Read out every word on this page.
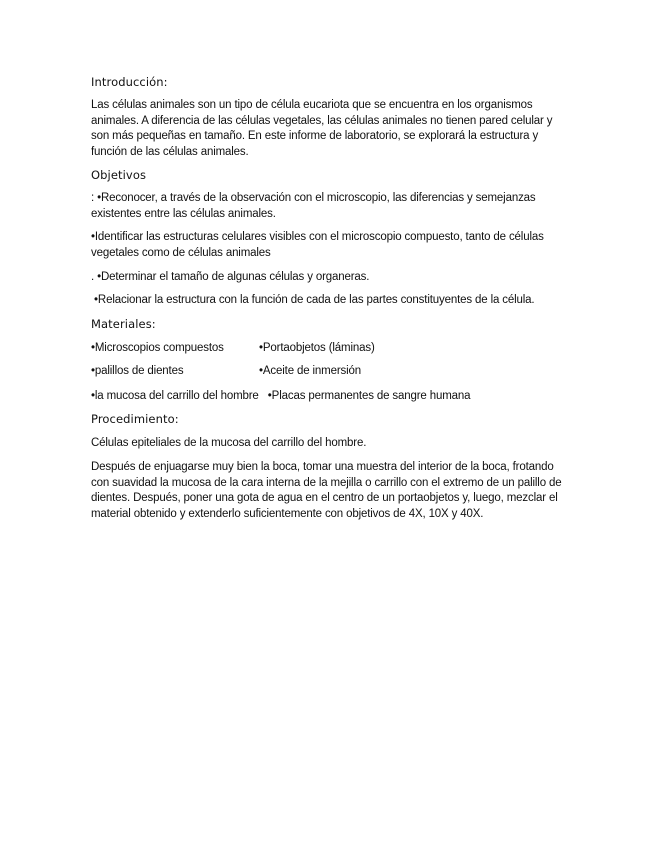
Introducción:

Las células animales son un tipo de célula eucariota que se encuentra en los organismos animales. A diferencia de las células vegetales, las células animales no tienen pared celular y son más pequeñas en tamaño. En este informe de laboratorio, se explorará la estructura y función de las células animales.

Objetivos

: •Reconocer, a través de la observación con el microscopio, las diferencias y semejanzas existentes entre las células animales.

•Identificar las estructuras celulares visibles con el microscopio compuesto, tanto de células vegetales como de células animales

. •Determinar el tamaño de algunas células y organeras.

•Relacionar la estructura con la función de cada de las partes constituyentes de la célula.

Materiales:
•Microscopios compuestos	•Portaobjetos (láminas)
•palillos de dientes	•Aceite de inmersión

•la mucosa del carrillo del hombre   •Placas permanentes de sangre humana

Procedimiento:

Células epiteliales de la mucosa del carrillo del hombre.

Después de enjuagarse muy bien la boca, tomar una muestra del interior de la boca, frotando con suavidad la mucosa de la cara interna de la mejilla o carrillo con el extremo de un palillo de dientes. Después, poner una gota de agua en el centro de un portaobjetos y, luego, mezclar el material obtenido y extenderlo suficientemente con objetivos de 4X, 10X y 40X.
